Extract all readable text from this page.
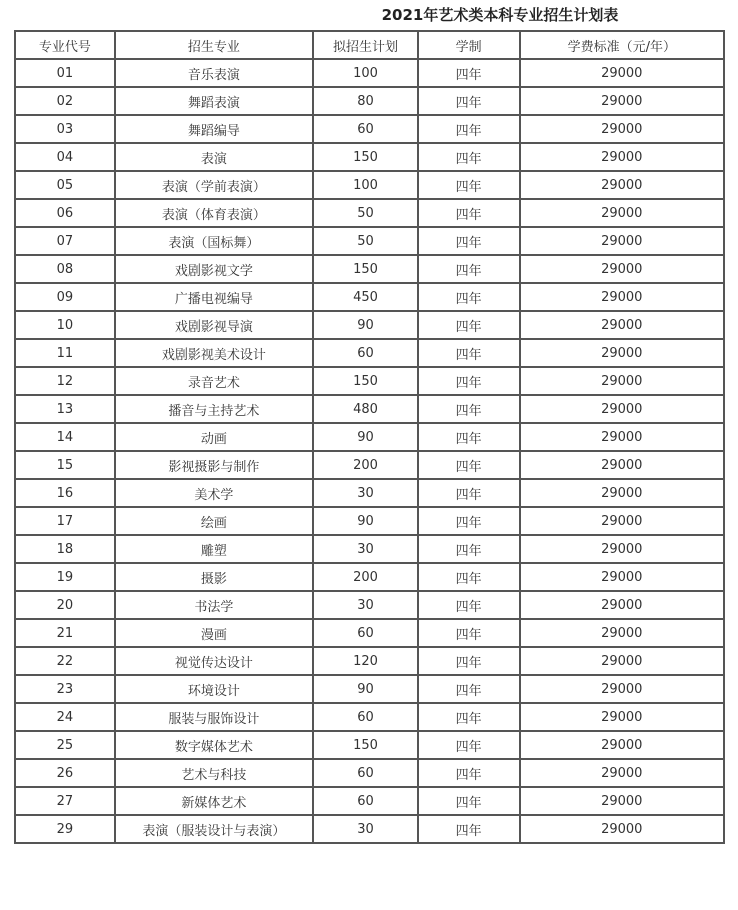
2021年艺术类本科专业招生计划表
专业代号	招生专业	拟招生计划	学制	学费标准（元/年）
01	音乐表演	100	四年	29000
02	舞蹈表演	80	四年	29000
03	舞蹈编导	60	四年	29000
04	表演	150	四年	29000
05	表演（学前表演）	100	四年	29000
06	表演（体育表演）	50	四年	29000
07	表演（国标舞）	50	四年	29000
08	戏剧影视文学	150	四年	29000
09	广播电视编导	450	四年	29000
10	戏剧影视导演	90	四年	29000
11	戏剧影视美术设计	60	四年	29000
12	录音艺术	150	四年	29000
13	播音与主持艺术	480	四年	29000
14	动画	90	四年	29000
15	影视摄影与制作	200	四年	29000
16	美术学	30	四年	29000
17	绘画	90	四年	29000
18	雕塑	30	四年	29000
19	摄影	200	四年	29000
20	书法学	30	四年	29000
21	漫画	60	四年	29000
22	视觉传达设计	120	四年	29000
23	环境设计	90	四年	29000
24	服装与服饰设计	60	四年	29000
25	数字媒体艺术	150	四年	29000
26	艺术与科技	60	四年	29000
27	新媒体艺术	60	四年	29000
29	表演（服装设计与表演）	30	四年	29000
